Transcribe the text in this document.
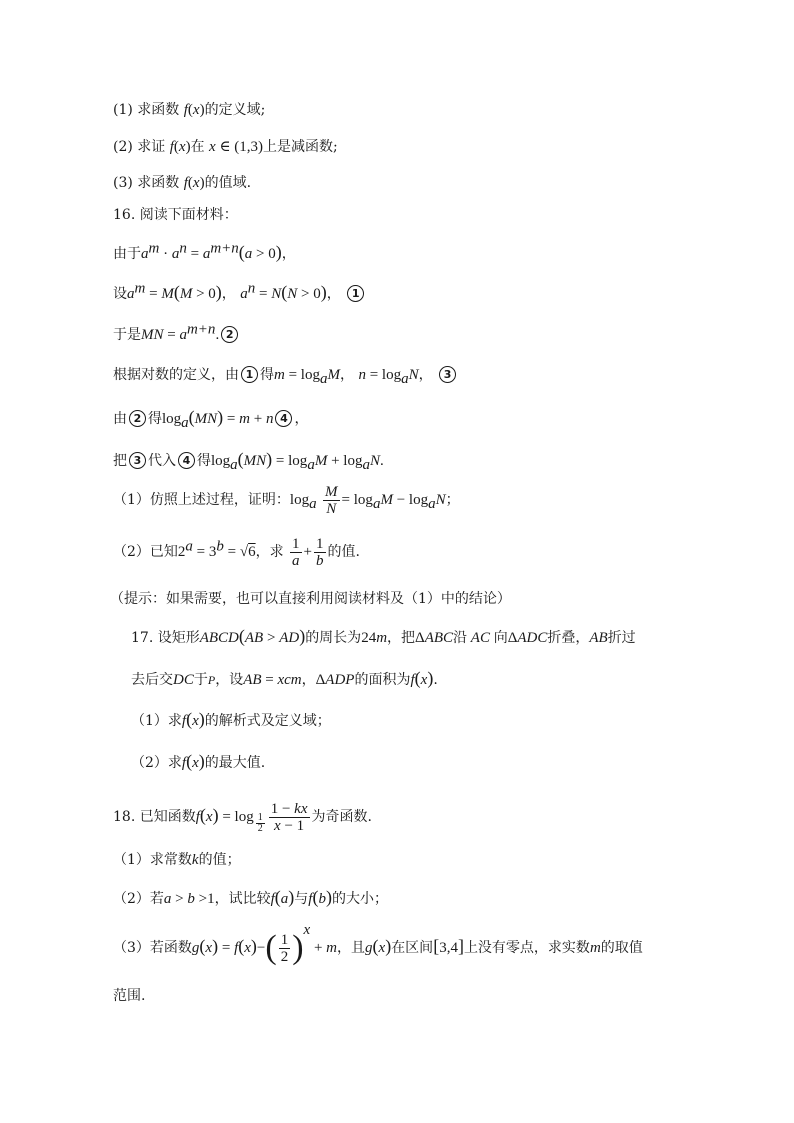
(1) 求函数 f(x)的定义域;
(2) 求证 f(x)在 x ∈ (1,3)上是减函数;
(3) 求函数 f(x)的值域.
16. 阅读下面材料：
由于$a^m \cdot a^n = a^{m+n}(a > 0)$，
设$a^m = M(M > 0)$， $a^n = N(N > 0)$， 1
于是MN = $a^{m+n}$. 2
根据对数的定义，由 1 得$m = \log_aM$， $n = \log_aN$， 3
由 2 得$\log_a(MN) = m + n$ 4 ，
把 3 代入 4 得$\log_a(MN) = \log_aM + \log_aN$.
（1）仿照上述过程，证明：$\log_a \frac{M}{N} = \log_aM - \log_aN$；
（2）已知$2^a = 3^b = √6$，求 $\frac{1}{a} + \frac{1}{b}$ 的值.
（提示：如果需要，也可以直接利用阅读材料及（1）中的结论）
17. 设矩形ABCD(AB > AD)的周长为24m，把ΔABC沿 AC 向ΔADC折叠，AB折过
去后交DC于P，设AB = xcm，ΔADP的面积为f(x).
（1）求f(x)的解析式及定义域；
（2）求f(x)的最大值.
18. 已知函数$f(x) = \log \frac{1}{2} \frac{1 - kx}{x - 1}$ 为奇函数.
（1）求常数k的值；
（2）若a > b >1，试比较f(a)与f(b)的大小；
（3）若函数$g(x) = f(x)-( \frac{1}{2} )^x + m$，且g(x)在区间[3,4]上没有零点，求实数m的取值
范围.
